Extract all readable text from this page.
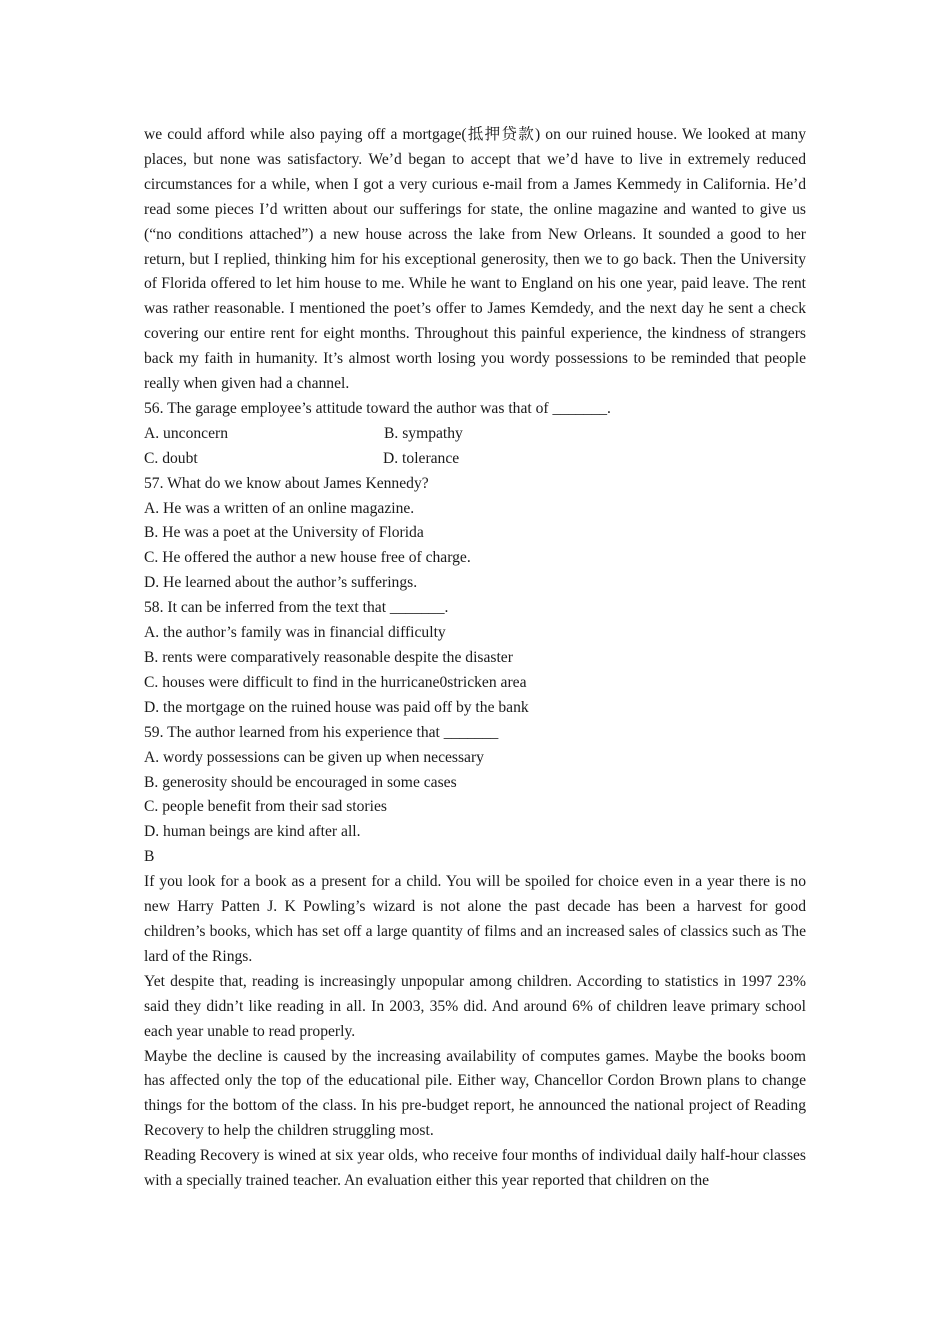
we could afford while also paying off a mortgage(抵押贷款) on our ruined house. We looked at many places, but none was satisfactory. We’d began to accept that we’d have to live in extremely reduced circumstances for a while, when I got a very curious e-mail from a James Kemmedy in California. He’d read some pieces I’d written about our sufferings for state, the online magazine and wanted to give us (“no conditions attached”) a new house across the lake from New Orleans. It sounded a good to her return, but I replied, thinking him for his exceptional generosity, then we to go back. Then the University of Florida offered to let him house to me. While he want to England on his one year, paid leave. The rent was rather reasonable. I mentioned the poet’s offer to James Kemdedy, and the next day he sent a check covering our entire rent for eight months. Throughout this painful experience, the kindness of strangers back my faith in humanity. It’s almost worth losing you wordy possessions to be reminded that people really when given had a channel.

56. The garage employee’s attitude toward the author was that of _______.

A. unconcern	B. sympathy
C. doubt	D. tolerance

57. What do we know about James Kennedy?

A. He was a written of an online magazine.

B. He was a poet at the University of Florida

C. He offered the author a new house free of charge.

D. He learned about the author’s sufferings.

58. It can be inferred from the text that _______.

A. the author’s family was in financial difficulty

B. rents were comparatively reasonable despite the disaster

C. houses were difficult to find in the hurricane0stricken area

D. the mortgage on the ruined house was paid off by the bank

59. The author learned from his experience that _______

A. wordy possessions can be given up when necessary

B. generosity should be encouraged in some cases

C. people benefit from their sad stories

D. human beings are kind after all.

B

If you look for a book as a present for a child. You will be spoiled for choice even in a year there is no new Harry Patten J. K Powling’s wizard is not alone the past decade has been a harvest for good children’s books, which has set off a large quantity of films and an increased sales of classics such as The lard of the Rings.

Yet despite that, reading is increasingly unpopular among children. According to statistics in 1997 23% said they didn’t like reading in all. In 2003, 35% did. And around 6% of children leave primary school each year unable to read properly.

Maybe the decline is caused by the increasing availability of computes games. Maybe the books boom has affected only the top of the educational pile. Either way, Chancellor Cordon Brown plans to change things for the bottom of the class. In his pre-budget report, he announced the national project of Reading Recovery to help the children struggling most.

Reading Recovery is wined at six year olds, who receive four months of individual daily half-hour classes with a specially trained teacher. An evaluation either this year reported that children on the
